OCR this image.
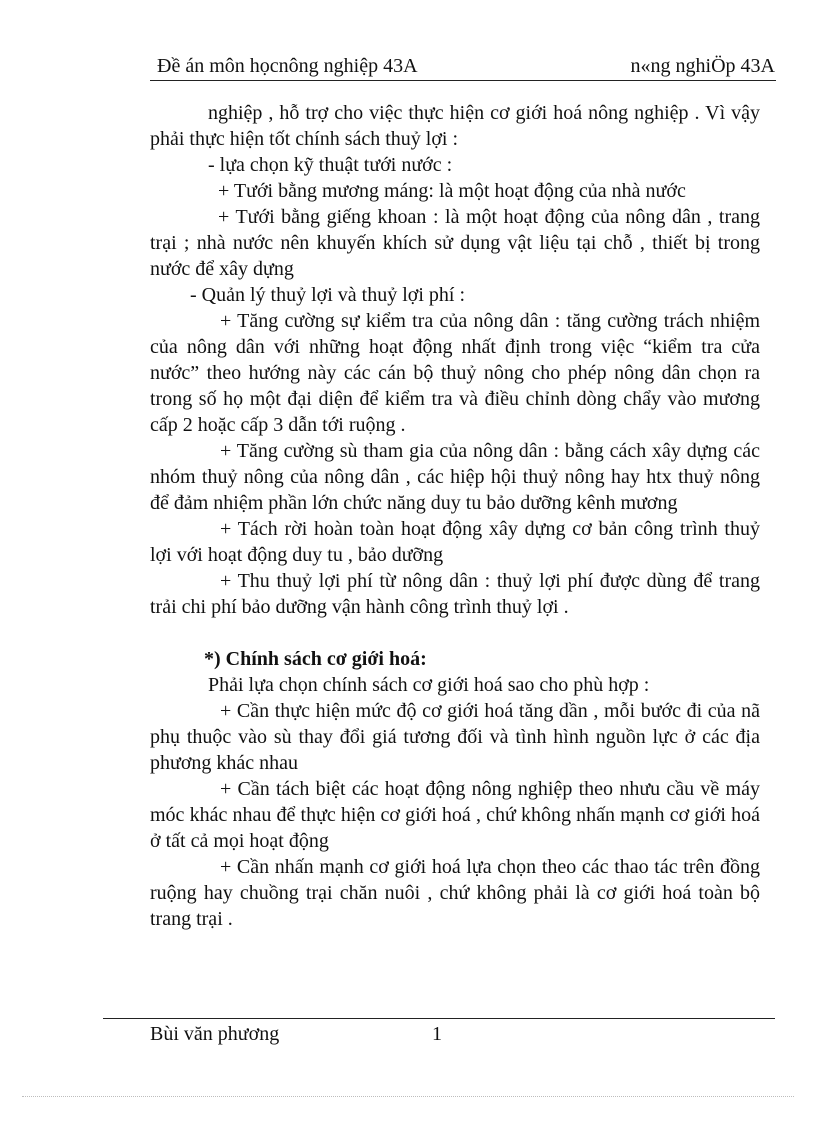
Đề án môn họcnông nghiệp 43A	n«ng nghiÖp 43A

nghiệp , hỗ trợ cho việc thực hiện cơ giới hoá nông nghiệp . Vì vậy phải thực hiện tốt chính sách thuỷ lợi :

- lựa chọn kỹ thuật tưới nước :

+ Tưới bằng mương máng: là một hoạt động của nhà nước

+ Tưới bằng giếng khoan : là một hoạt động của nông dân , trang trại ; nhà nước nên khuyến khích sử dụng vật liệu tại chỗ , thiết bị trong nước để xây dựng

- Quản lý thuỷ lợi và thuỷ lợi phí :

+ Tăng cường sự kiểm tra của nông dân : tăng cường trách nhiệm của nông dân với những hoạt động nhất định trong việc “kiểm tra cửa nước” theo hướng này các cán bộ thuỷ nông cho phép nông dân chọn ra trong số họ một đại diện để kiểm tra và điều chỉnh dòng chẩy vào mương cấp 2 hoặc cấp 3 dẫn tới ruộng .

+ Tăng cường sù tham gia của nông dân : bằng cách xây dựng các nhóm thuỷ nông của nông dân , các hiệp hội thuỷ nông hay htx thuỷ nông để đảm nhiệm phần lớn chức năng duy tu bảo dưỡng kênh mương

+ Tách rời hoàn toàn hoạt động xây dựng cơ bản công trình thuỷ lợi với hoạt động duy tu , bảo dưỡng

+ Thu thuỷ lợi phí từ nông dân : thuỷ lợi phí được dùng để trang trải chi phí bảo dưỡng vận hành công trình thuỷ lợi .

*) Chính sách cơ giới hoá:

Phải lựa chọn chính sách cơ giới hoá sao cho phù hợp :

+ Cần thực hiện mức độ cơ giới hoá tăng dần , mỗi bước đi của nã phụ thuộc vào sù thay đổi giá tương đối và tình hình nguồn lực ở các địa phương khác nhau

+ Cần tách biệt các hoạt động nông nghiệp theo nhưu cầu về máy móc khác nhau để thực hiện cơ giới hoá , chứ không nhấn mạnh cơ giới hoá ở tất cả mọi hoạt động

+ Cần nhấn mạnh cơ giới hoá lựa chọn theo các thao tác trên đồng ruộng hay chuồng trại chăn nuôi , chứ không phải là cơ giới hoá toàn bộ trang trại .

Bùi văn phương	1
